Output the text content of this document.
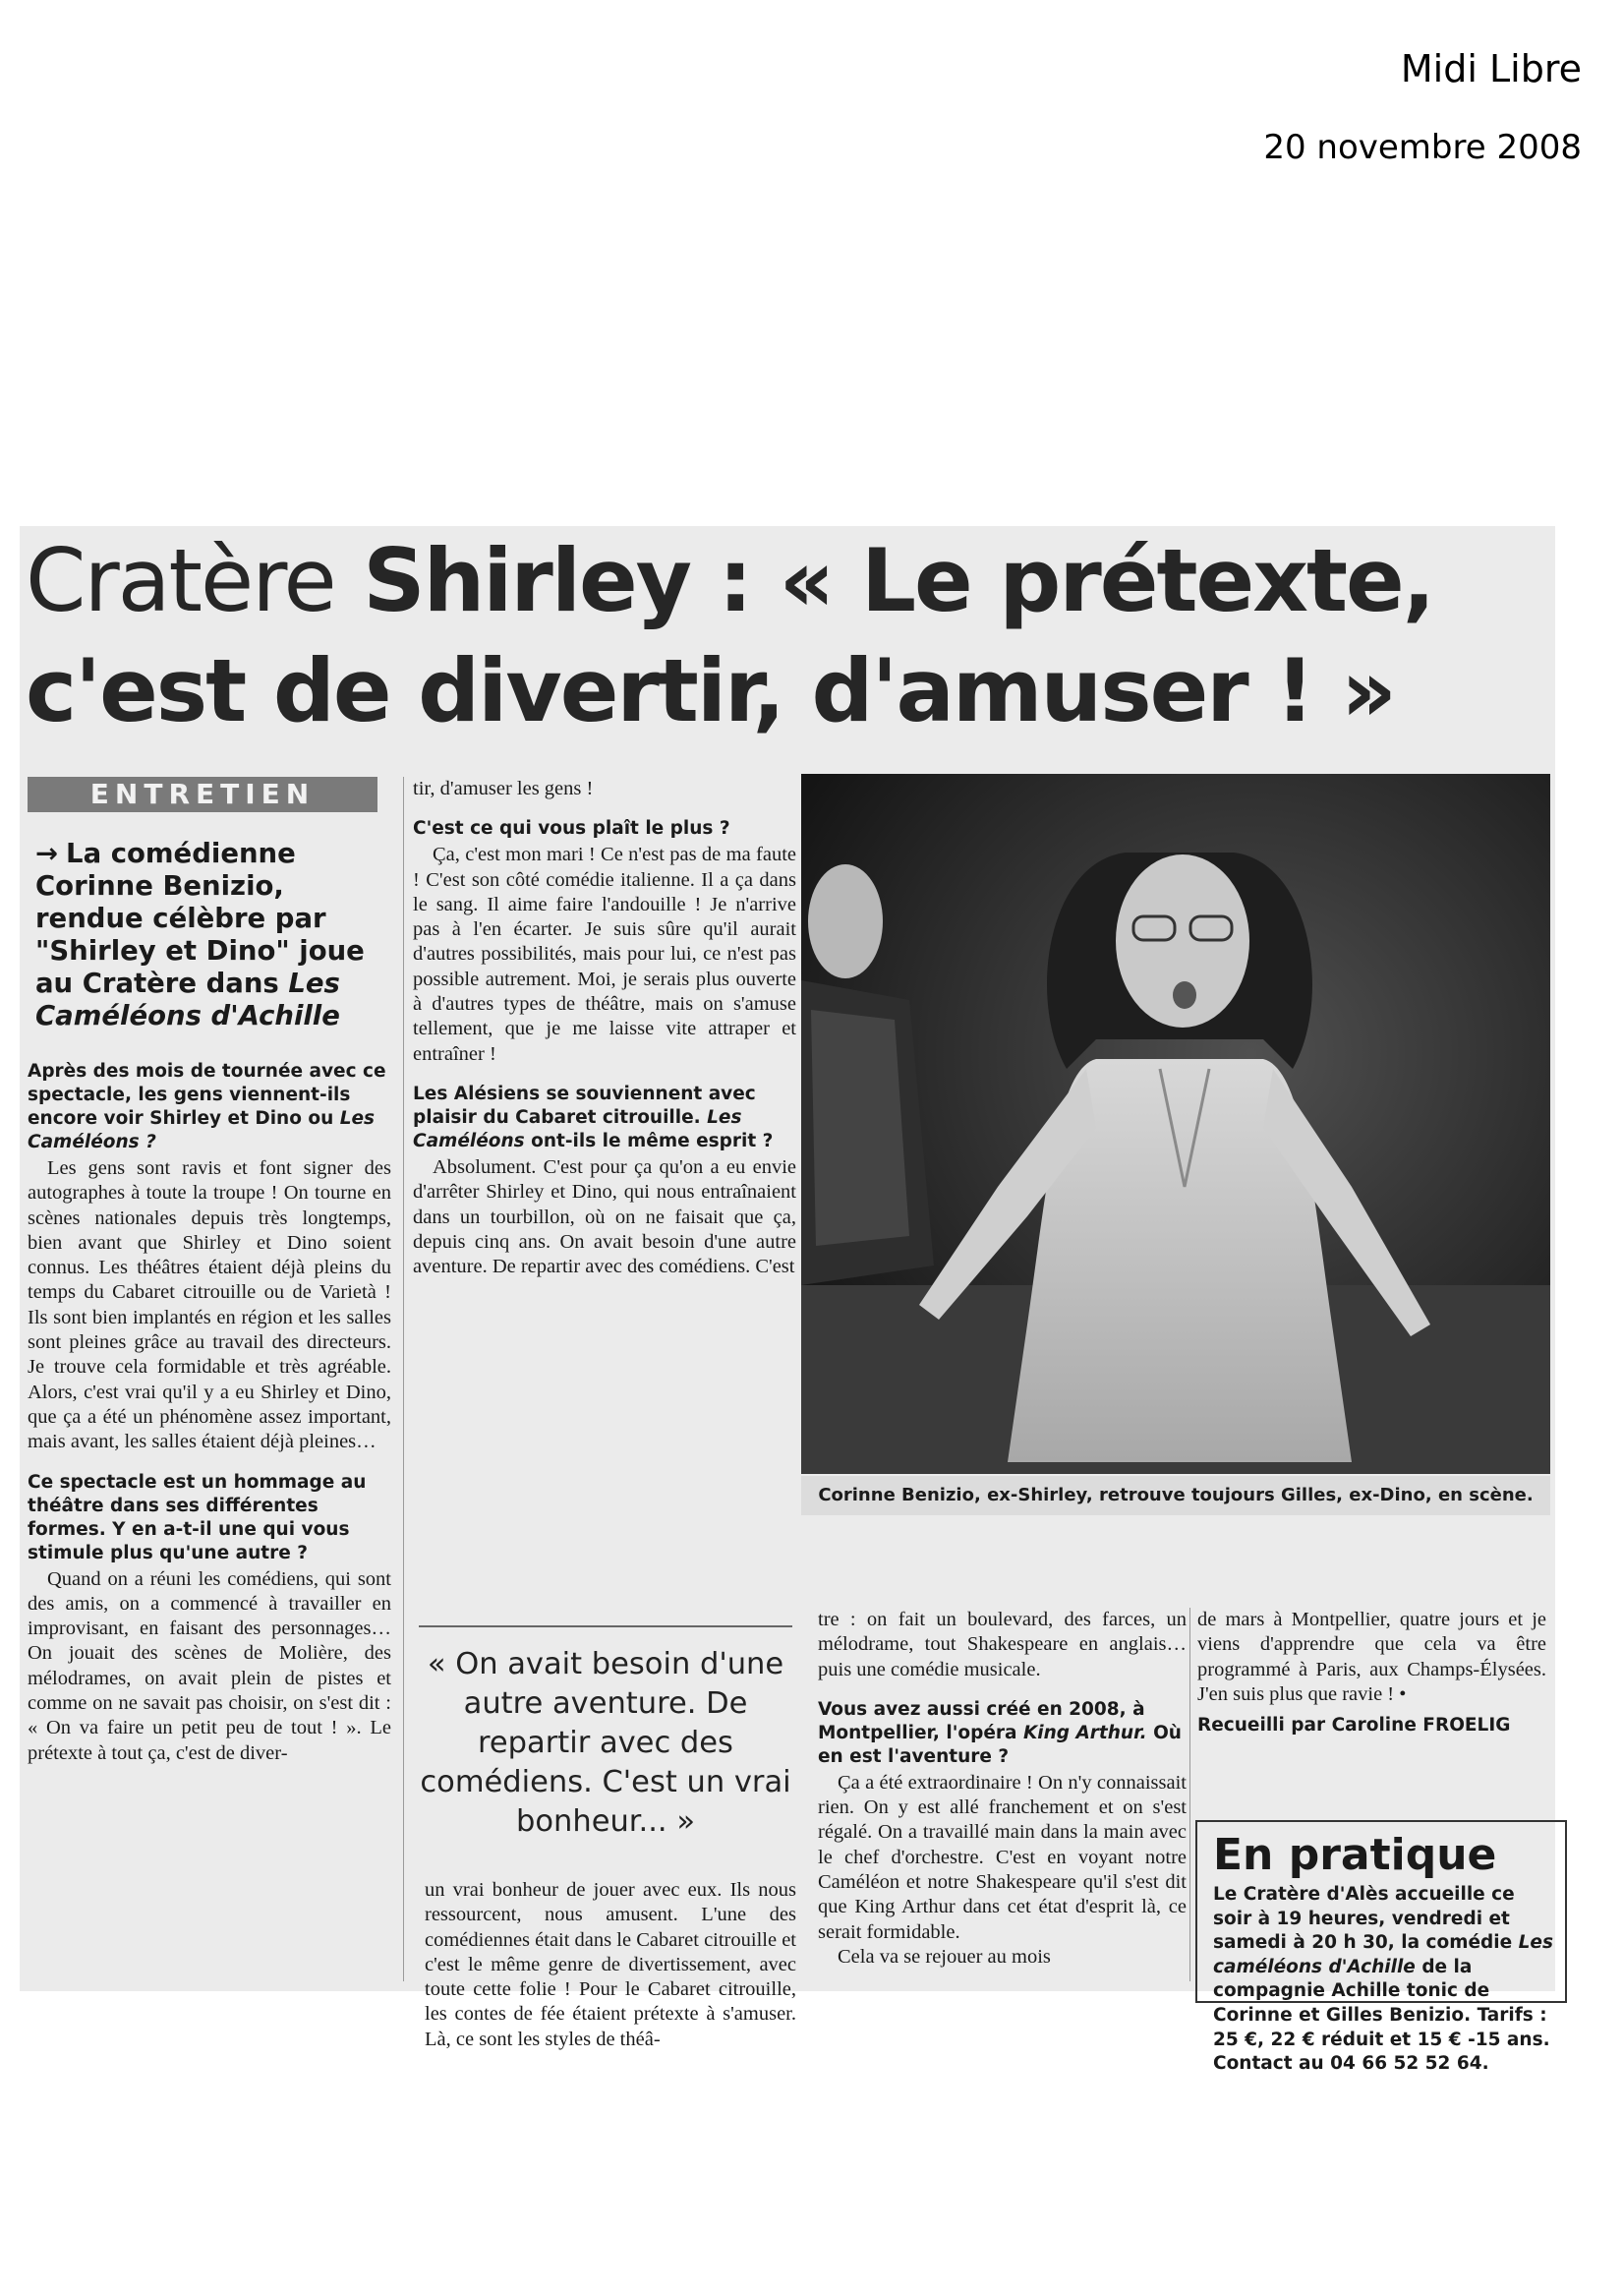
Midi Libre
20 novembre 2008
Cratère Shirley : « Le prétexte,
c'est de divertir, d'amuser ! »
ENTRETIEN
→ La comédienne Corinne Benizio, rendue célèbre par "Shirley et Dino" joue au Cratère dans Les Caméléons d'Achille
Après des mois de tournée avec ce spectacle, les gens viennent-ils encore voir Shirley et Dino ou Les Caméléons ?

Les gens sont ravis et font signer des autographes à toute la troupe ! On tourne en scènes nationales depuis très longtemps, bien avant que Shirley et Dino soient connus. Les théâtres étaient déjà pleins du temps du Cabaret citrouille ou de Varietà ! Ils sont bien implantés en région et les salles sont pleines grâce au travail des directeurs. Je trouve cela formidable et très agréable. Alors, c'est vrai qu'il y a eu Shirley et Dino, que ça a été un phénomène assez important, mais avant, les salles étaient déjà pleines…

Ce spectacle est un hommage au théâtre dans ses différentes formes. Y en a-t-il une qui vous stimule plus qu'une autre ?

Quand on a réuni les comédiens, qui sont des amis, on a commencé à travailler en improvisant, en faisant des personnages… On jouait des scènes de Molière, des mélodrames, on avait plein de pistes et comme on ne savait pas choisir, on s'est dit : « On va faire un petit peu de tout ! ». Le prétexte à tout ça, c'est de diver-

tir, d'amuser les gens !

C'est ce qui vous plaît le plus ?

Ça, c'est mon mari ! Ce n'est pas de ma faute ! C'est son côté comédie italienne. Il a ça dans le sang. Il aime faire l'andouille ! Je n'arrive pas à l'en écarter. Je suis sûre qu'il aurait d'autres possibilités, mais pour lui, ce n'est pas possible autrement. Moi, je serais plus ouverte à d'autres types de théâtre, mais on s'amuse tellement, que je me laisse vite attraper et entraîner !

Les Alésiens se souviennent avec plaisir du Cabaret citrouille. Les Caméléons ont-ils le même esprit ?

Absolument. C'est pour ça qu'on a eu envie d'arrêter Shirley et Dino, qui nous entraînaient dans un tourbillon, où on ne faisait que ça, depuis cinq ans. On avait besoin d'une autre aventure. De repartir avec des comédiens. C'est

« On avait besoin d'une autre aventure. De repartir avec des comédiens. C'est un vrai bonheur... »

un vrai bonheur de jouer avec eux. Ils nous ressourcent, nous amusent. L'une des comédiennes était dans le Cabaret citrouille et c'est le même genre de divertissement, avec toute cette folie ! Pour le Cabaret citrouille, les contes de fée étaient prétexte à s'amuser. Là, ce sont les styles de théâ-

Corinne Benizio, ex-Shirley, retrouve toujours Gilles, ex-Dino, en scène.

tre : on fait un boulevard, des farces, un mélodrame, tout Shakespeare en anglais… puis une comédie musicale.

Vous avez aussi créé en 2008, à Montpellier, l'opéra King Arthur. Où en est l'aventure ?

Ça a été extraordinaire ! On n'y connaissait rien. On y est allé franchement et on s'est régalé. On a travaillé main dans la main avec le chef d'orchestre. C'est en voyant notre Caméléon et notre Shakespeare qu'il s'est dit que King Arthur dans cet état d'esprit là, ce serait formidable.

Cela va se rejouer au mois

de mars à Montpellier, quatre jours et je viens d'apprendre que cela va être programmé à Paris, aux Champs-Élysées. J'en suis plus que ravie ! •

Recueilli par Caroline FROELIG
En pratique
Le Cratère d'Alès accueille ce soir à 19 heures, vendredi et samedi à 20 h 30, la comédie Les caméléons d'Achille de la compagnie Achille tonic de Corinne et Gilles Benizio. Tarifs : 25 €, 22 € réduit et 15 € -15 ans. Contact au 04 66 52 52 64.
